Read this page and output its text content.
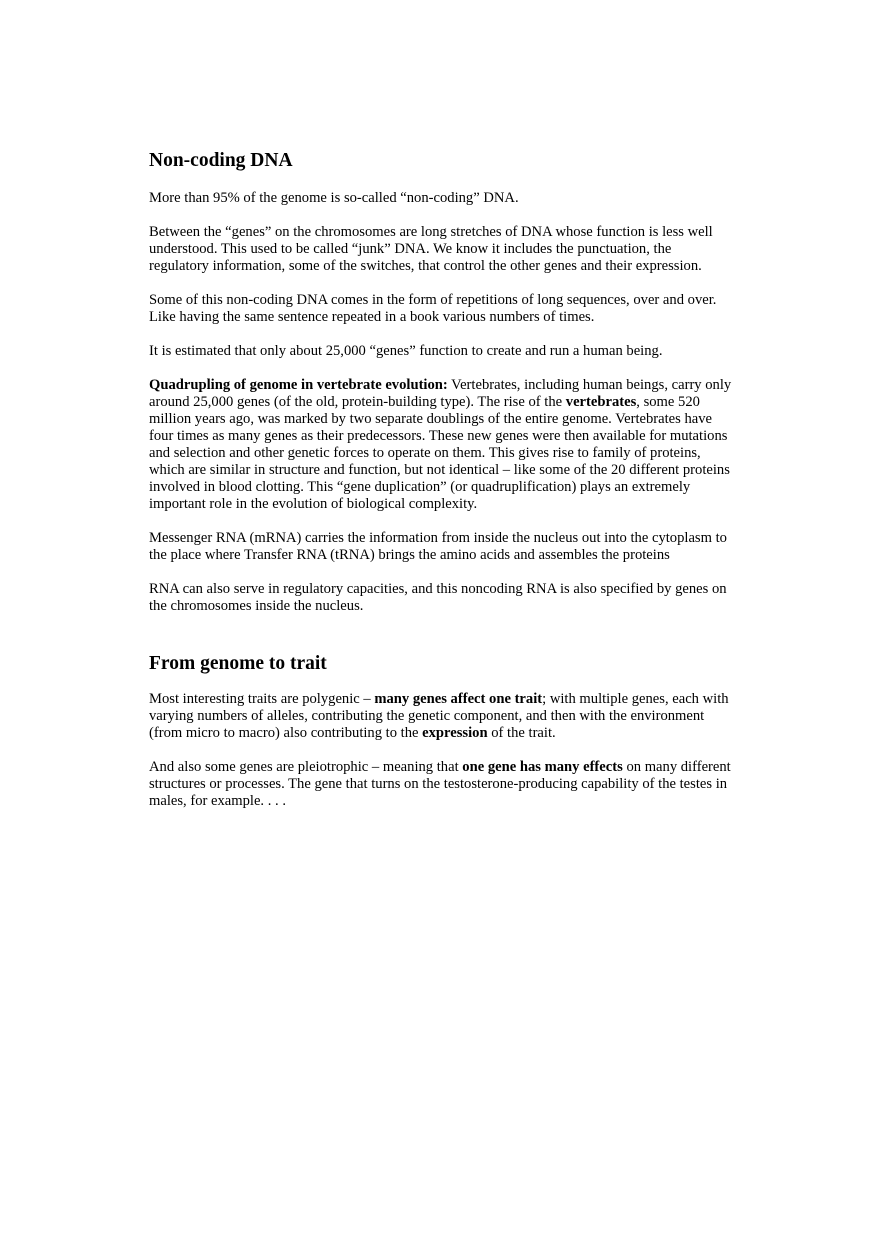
Non-coding DNA

More than 95% of the genome is so-called “non-coding” DNA.

Between the “genes” on the chromosomes are long stretches of DNA whose function is less well understood. This used to be called “junk” DNA. We know it includes the punctuation, the regulatory information, some of the switches, that control the other genes and their expression.

Some of this non-coding DNA comes in the form of repetitions of long sequences, over and over. Like having the same sentence repeated in a book various numbers of times.

It is estimated that only about 25,000 “genes” function to create and run a human being.

Quadrupling of genome in vertebrate evolution: Vertebrates, including human beings, carry only around 25,000 genes (of the old, protein-building type). The rise of the vertebrates, some 520 million years ago, was marked by two separate doublings of the entire genome. Vertebrates have four times as many genes as their predecessors. These new genes were then available for mutations and selection and other genetic forces to operate on them. This gives rise to family of proteins, which are similar in structure and function, but not identical – like some of the 20 different proteins involved in blood clotting. This “gene duplication” (or quadruplification) plays an extremely important role in the evolution of biological complexity.

Messenger RNA (mRNA) carries the information from inside the nucleus out into the cytoplasm to the place where Transfer RNA (tRNA) brings the amino acids and assembles the proteins

RNA can also serve in regulatory capacities, and this noncoding RNA is also specified by genes on the chromosomes inside the nucleus.

From genome to trait

Most interesting traits are polygenic – many genes affect one trait; with multiple genes, each with varying numbers of alleles, contributing the genetic component, and then with the environment (from micro to macro) also contributing to the expression of the trait.

And also some genes are pleiotrophic – meaning that one gene has many effects on many different structures or processes. The gene that turns on the testosterone-producing capability of the testes in males, for example. . . .
